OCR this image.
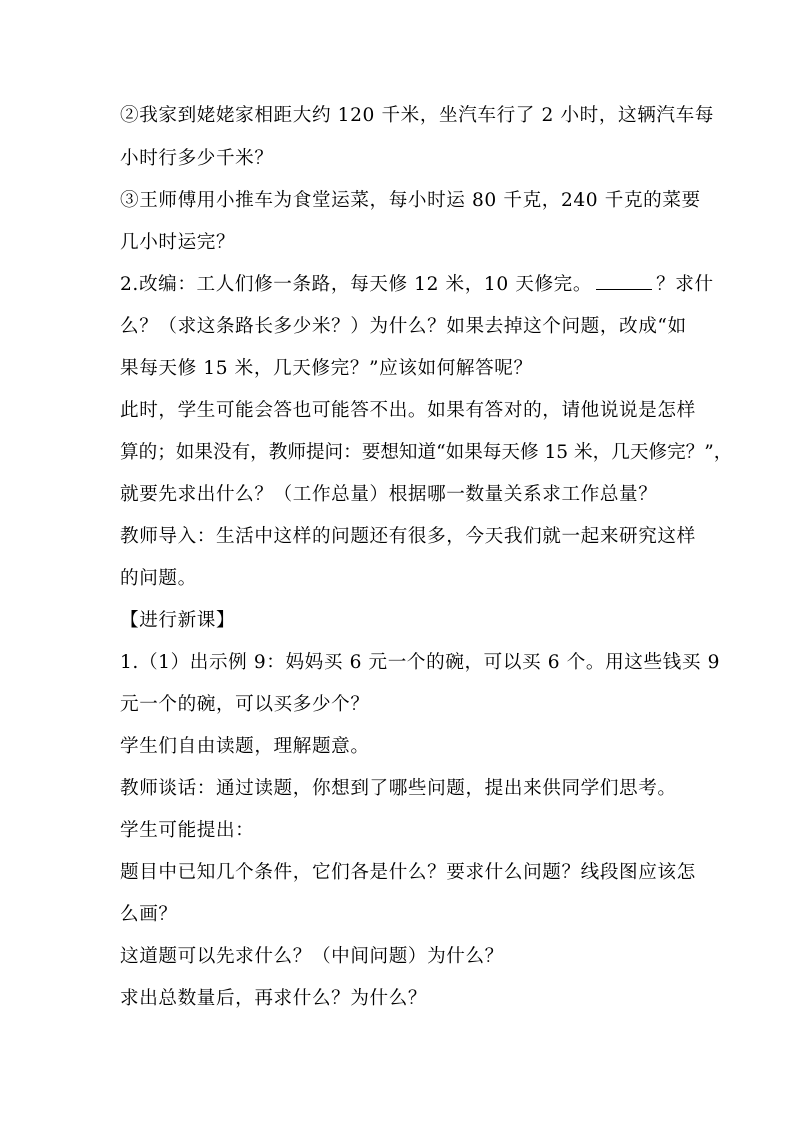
②我家到姥姥家相距大约 120 千米，坐汽车行了 2 小时，这辆汽车每
小时行多少千米？
③王师傅用小推车为食堂运菜，每小时运 80 千克，240 千克的菜要
几小时运完？
2.改编：工人们修一条路，每天修 12 米，10 天修完。	？求什
么？（求这条路长多少米？）为什么？如果去掉这个问题，改成“如
果每天修 15 米，几天修完？”应该如何解答呢？
此时，学生可能会答也可能答不出。如果有答对的，请他说说是怎样
算的；如果没有，教师提问：要想知道“如果每天修 15 米，几天修完？”，
就要先求出什么？（工作总量）根据哪一数量关系求工作总量？
教师导入：生活中这样的问题还有很多，今天我们就一起来研究这样
的问题。
【进行新课】
1.（1）出示例 9：妈妈买 6 元一个的碗，可以买 6 个。用这些钱买 9
元一个的碗，可以买多少个？
学生们自由读题，理解题意。
教师谈话：通过读题，你想到了哪些问题，提出来供同学们思考。
学生可能提出：
题目中已知几个条件，它们各是什么？要求什么问题？线段图应该怎
么画？
这道题可以先求什么？（中间问题）为什么？
求出总数量后，再求什么？为什么？
